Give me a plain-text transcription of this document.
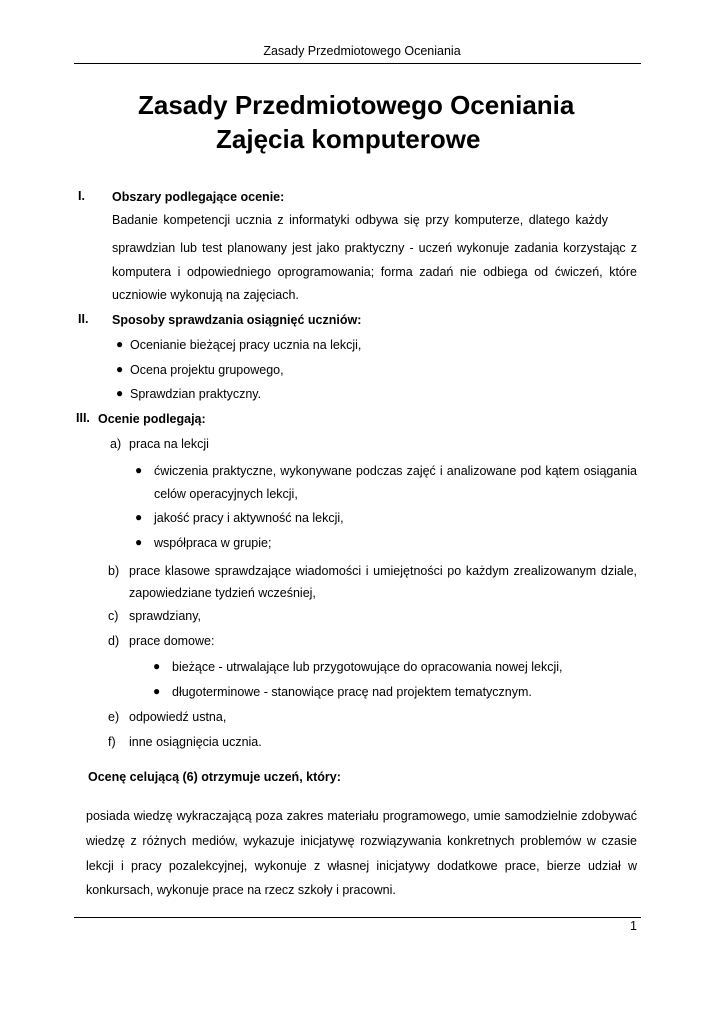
Zasady Przedmiotowego Oceniania
Zasady Przedmiotowego Oceniania
Zajęcia komputerowe
I. Obszary podlegające ocenie:
Badanie kompetencji ucznia z informatyki odbywa się przy komputerze, dlatego każdy
sprawdzian lub test planowany jest jako praktyczny - uczeń wykonuje zadania korzystając z
komputera i odpowiedniego oprogramowania; forma zadań nie odbiega od ćwiczeń, które
uczniowie wykonują na zajęciach.
II. Sposoby sprawdzania osiągnięć uczniów:
● Ocenianie bieżącej pracy ucznia na lekcji,
● Ocena projektu grupowego,
● Sprawdzian praktyczny.
III. Ocenie podlegają:
a) praca na lekcji
● ćwiczenia praktyczne, wykonywane podczas zajęć i analizowane pod kątem osiągania
celów operacyjnych lekcji,
● jakość pracy i aktywność na lekcji,
● współpraca w grupie;
b) prace klasowe sprawdzające wiadomości i umiejętności po każdym zrealizowanym dziale,
zapowiedziane tydzień wcześniej,
c) sprawdziany,
d) prace domowe:
● bieżące - utrwalające lub przygotowujące do opracowania nowej lekcji,
● długoterminowe - stanowiące pracę nad projektem tematycznym.
e) odpowiedź ustna,
f) inne osiągnięcia ucznia.
Ocenę celującą (6) otrzymuje uczeń, który:
posiada wiedzę wykraczającą poza zakres materiału programowego, umie samodzielnie zdobywać
wiedzę z różnych mediów, wykazuje inicjatywę rozwiązywania konkretnych problemów w czasie
lekcji i pracy pozalekcyjnej, wykonuje z własnej inicjatywy dodatkowe prace, bierze udział w
konkursach, wykonuje prace na rzecz szkoły i pracowni.
1
